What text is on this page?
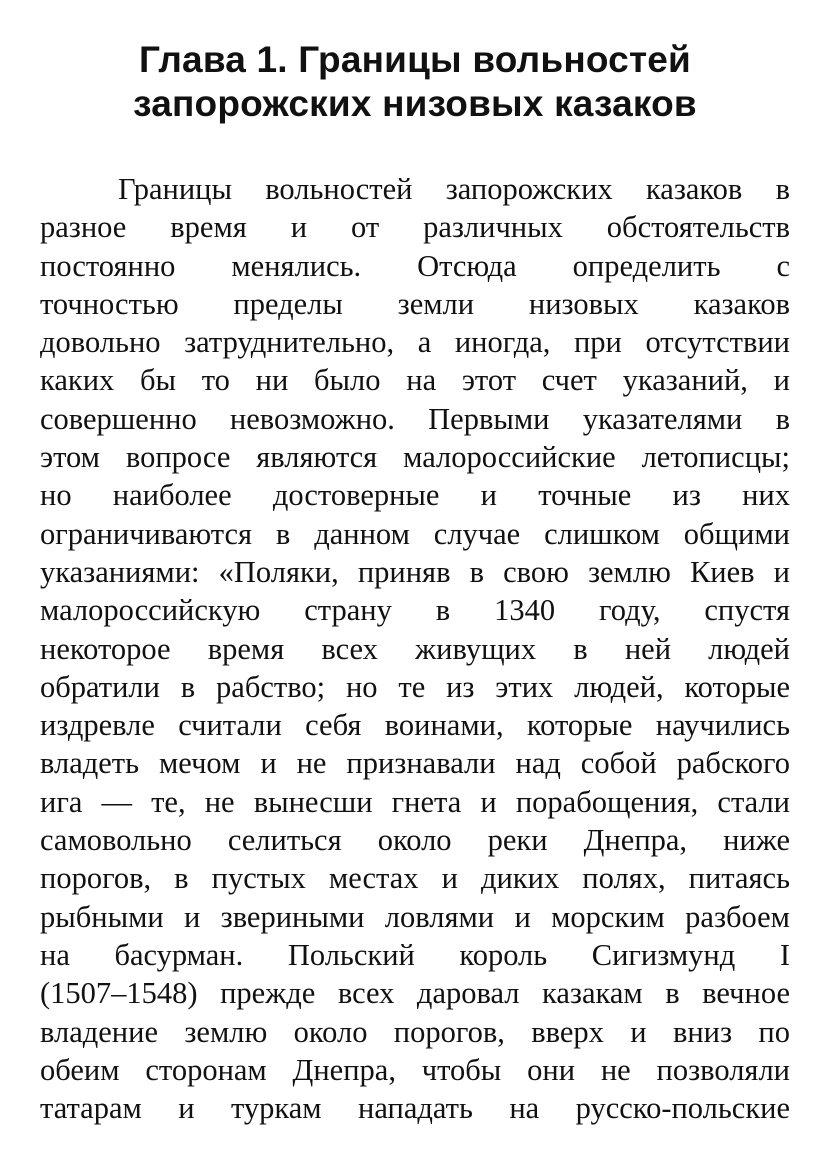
Глава 1. Границы вольностей
запорожских низовых казаков
Границы вольностей запорожских казаков в
разное время и от различных обстоятельств
постоянно менялись. Отсюда определить с
точностью пределы земли низовых казаков
довольно затруднительно, а иногда, при отсутствии
каких бы то ни было на этот счет указаний, и
совершенно невозможно. Первыми указателями в
этом вопросе являются малороссийские летописцы;
но наиболее достоверные и точные из них
ограничиваются в данном случае слишком общими
указаниями: «Поляки, приняв в свою землю Киев и
малороссийскую страну в 1340 году, спустя
некоторое время всех живущих в ней людей
обратили в рабство; но те из этих людей, которые
издревле считали себя воинами, которые научились
владеть мечом и не признавали над собой рабского
ига — те, не вынесши гнета и порабощения, стали
самовольно селиться около реки Днепра, ниже
порогов, в пустых местах и диких полях, питаясь
рыбными и звериными ловлями и морским разбоем
на басурман. Польский король Сигизмунд I
(1507–1548) прежде всех даровал казакам в вечное
владение землю около порогов, вверх и вниз по
обеим сторонам Днепра, чтобы они не позволяли
татарам и туркам нападать на русско-польские
